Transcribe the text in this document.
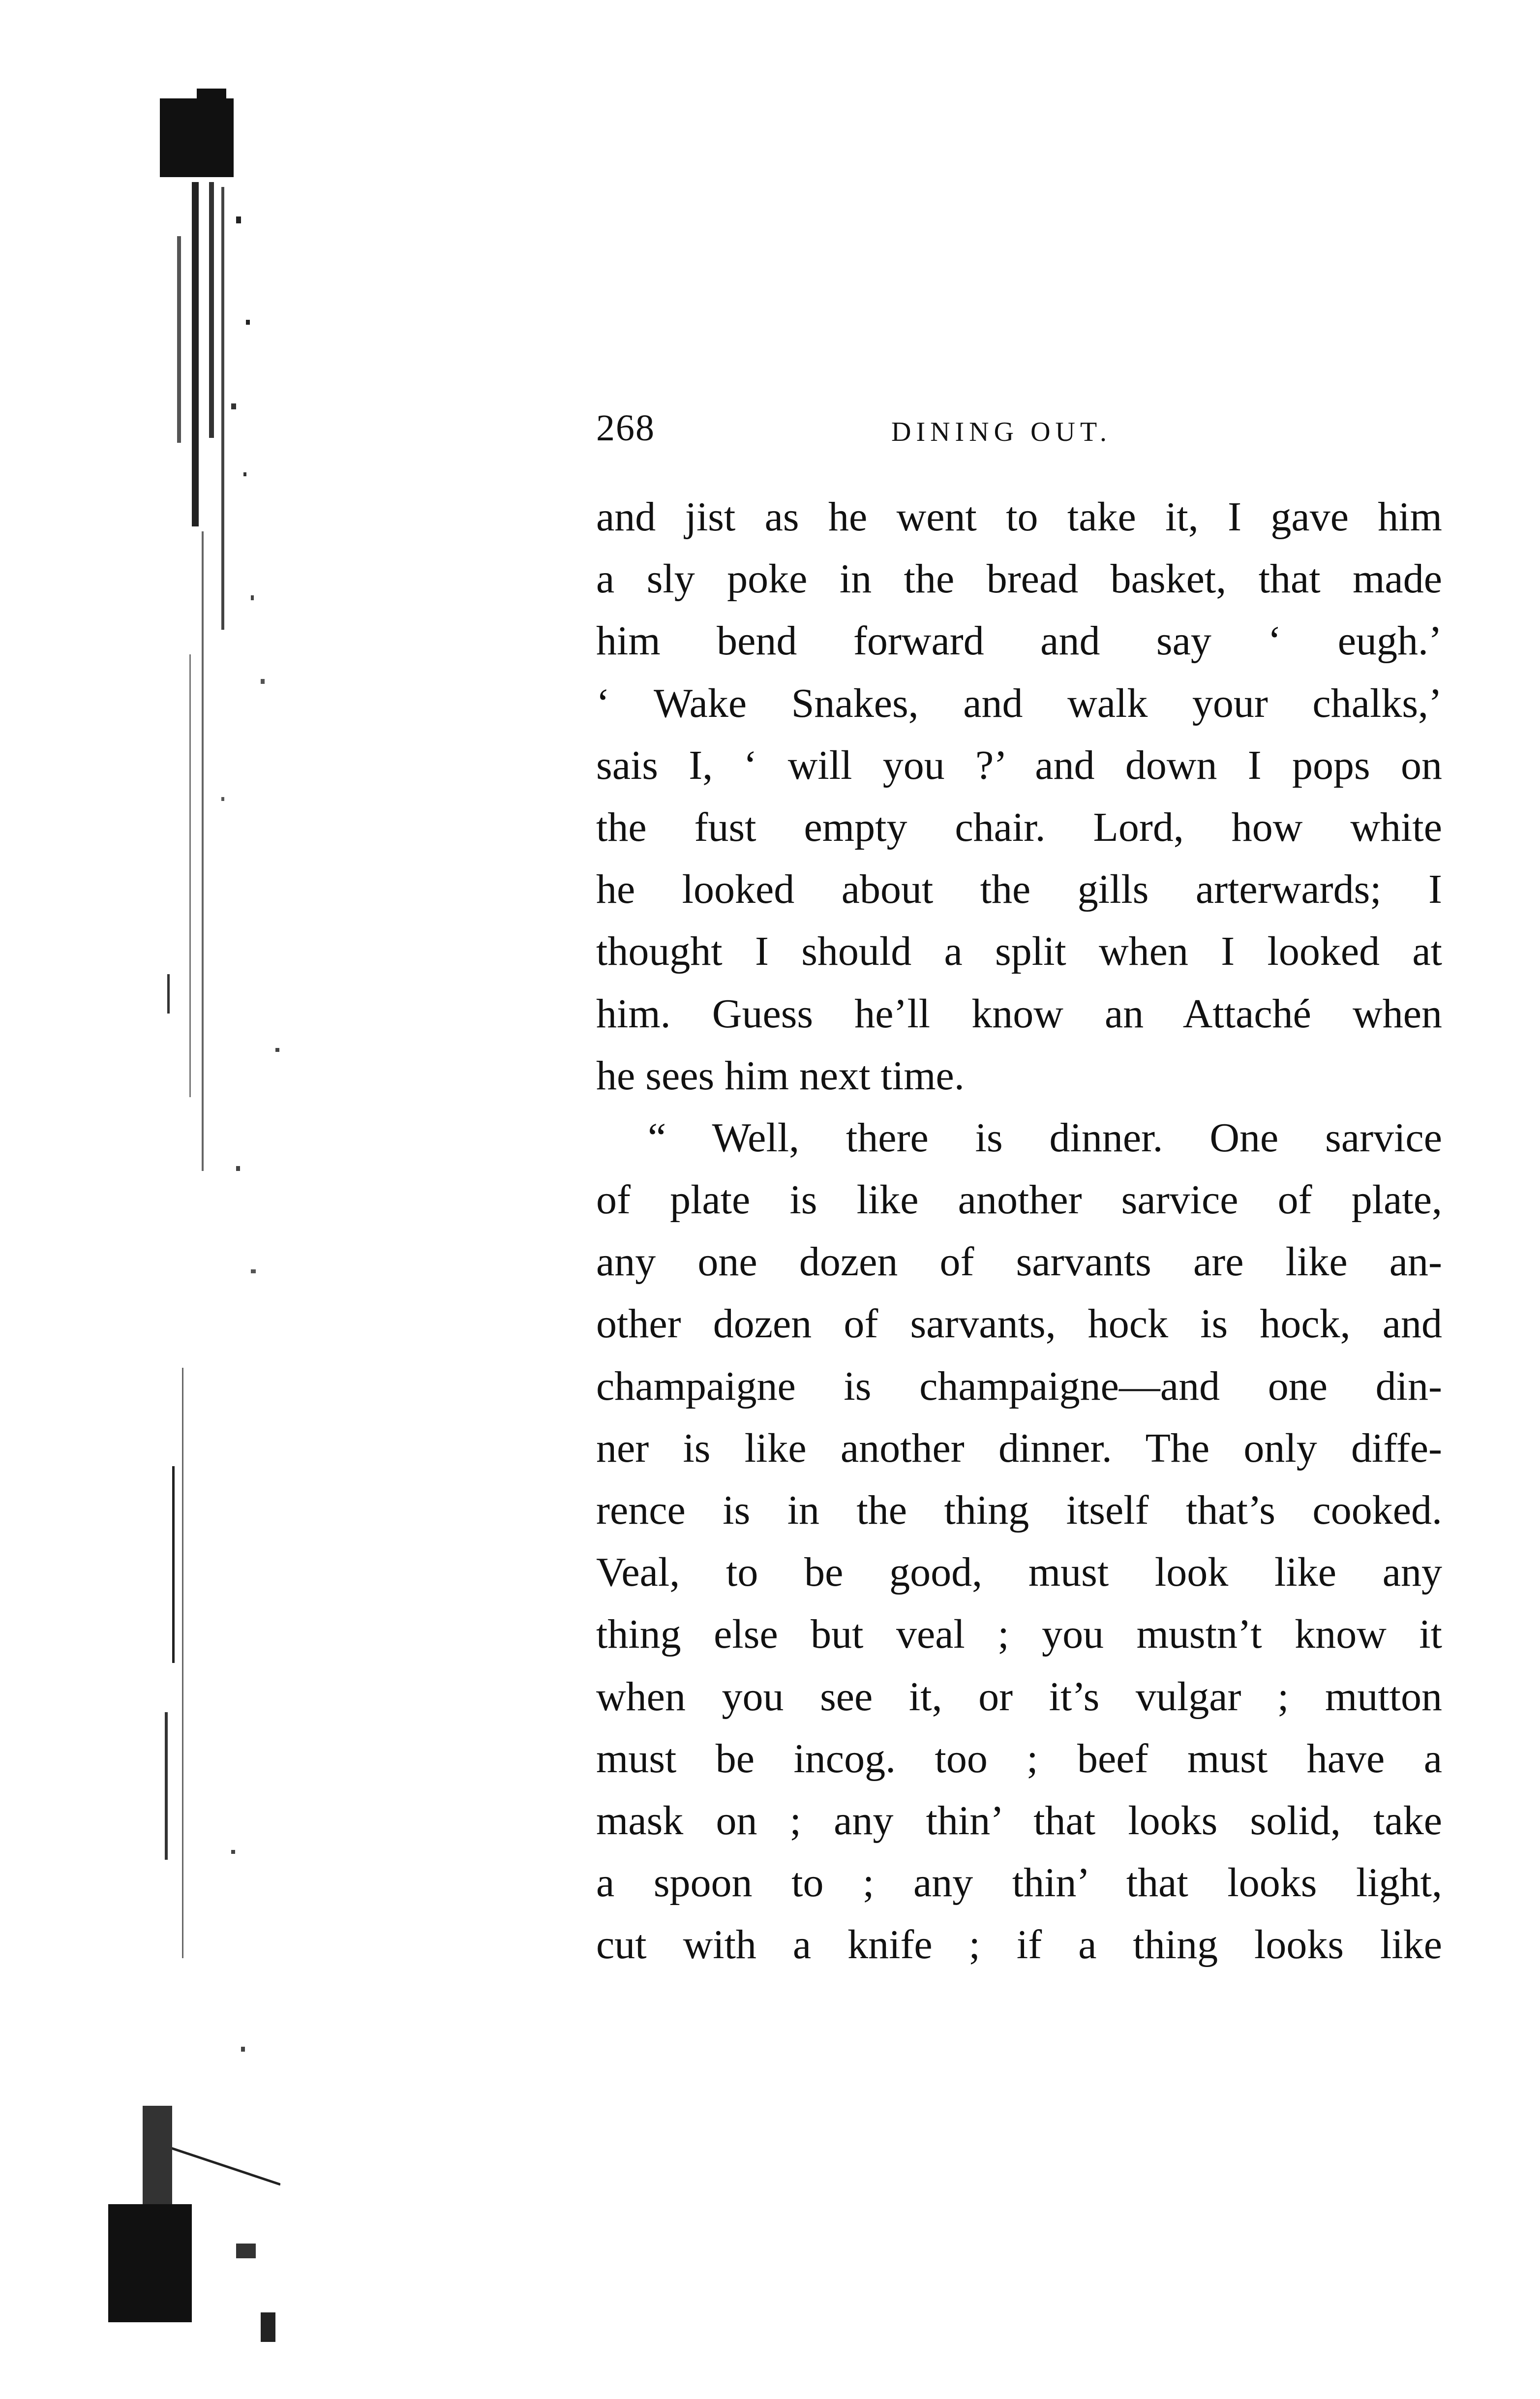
268	DINING OUT.
and jist as he went to take it, I gave him
a sly poke in the bread basket, that made
him bend forward and say ‘ eugh.’
‘ Wake Snakes, and walk your chalks,’
sais I, ‘ will you ?’ and down I pops on
the fust empty chair. Lord, how white
he looked about the gills arterwards; I
thought I should a split when I looked at
him. Guess he’ll know an Attaché when
he sees him next time.
“ Well, there is dinner. One sarvice
of plate is like another sarvice of plate,
any one dozen of sarvants are like an-
other dozen of sarvants, hock is hock, and
champaigne is champaigne—and one din-
ner is like another dinner. The only diffe-
rence is in the thing itself that’s cooked.
Veal, to be good, must look like any
thing else but veal ; you mustn’t know it
when you see it, or it’s vulgar ; mutton
must be incog. too ; beef must have a
mask on ; any thin’ that looks solid, take
a spoon to ; any thin’ that looks light,
cut with a knife ; if a thing looks like
